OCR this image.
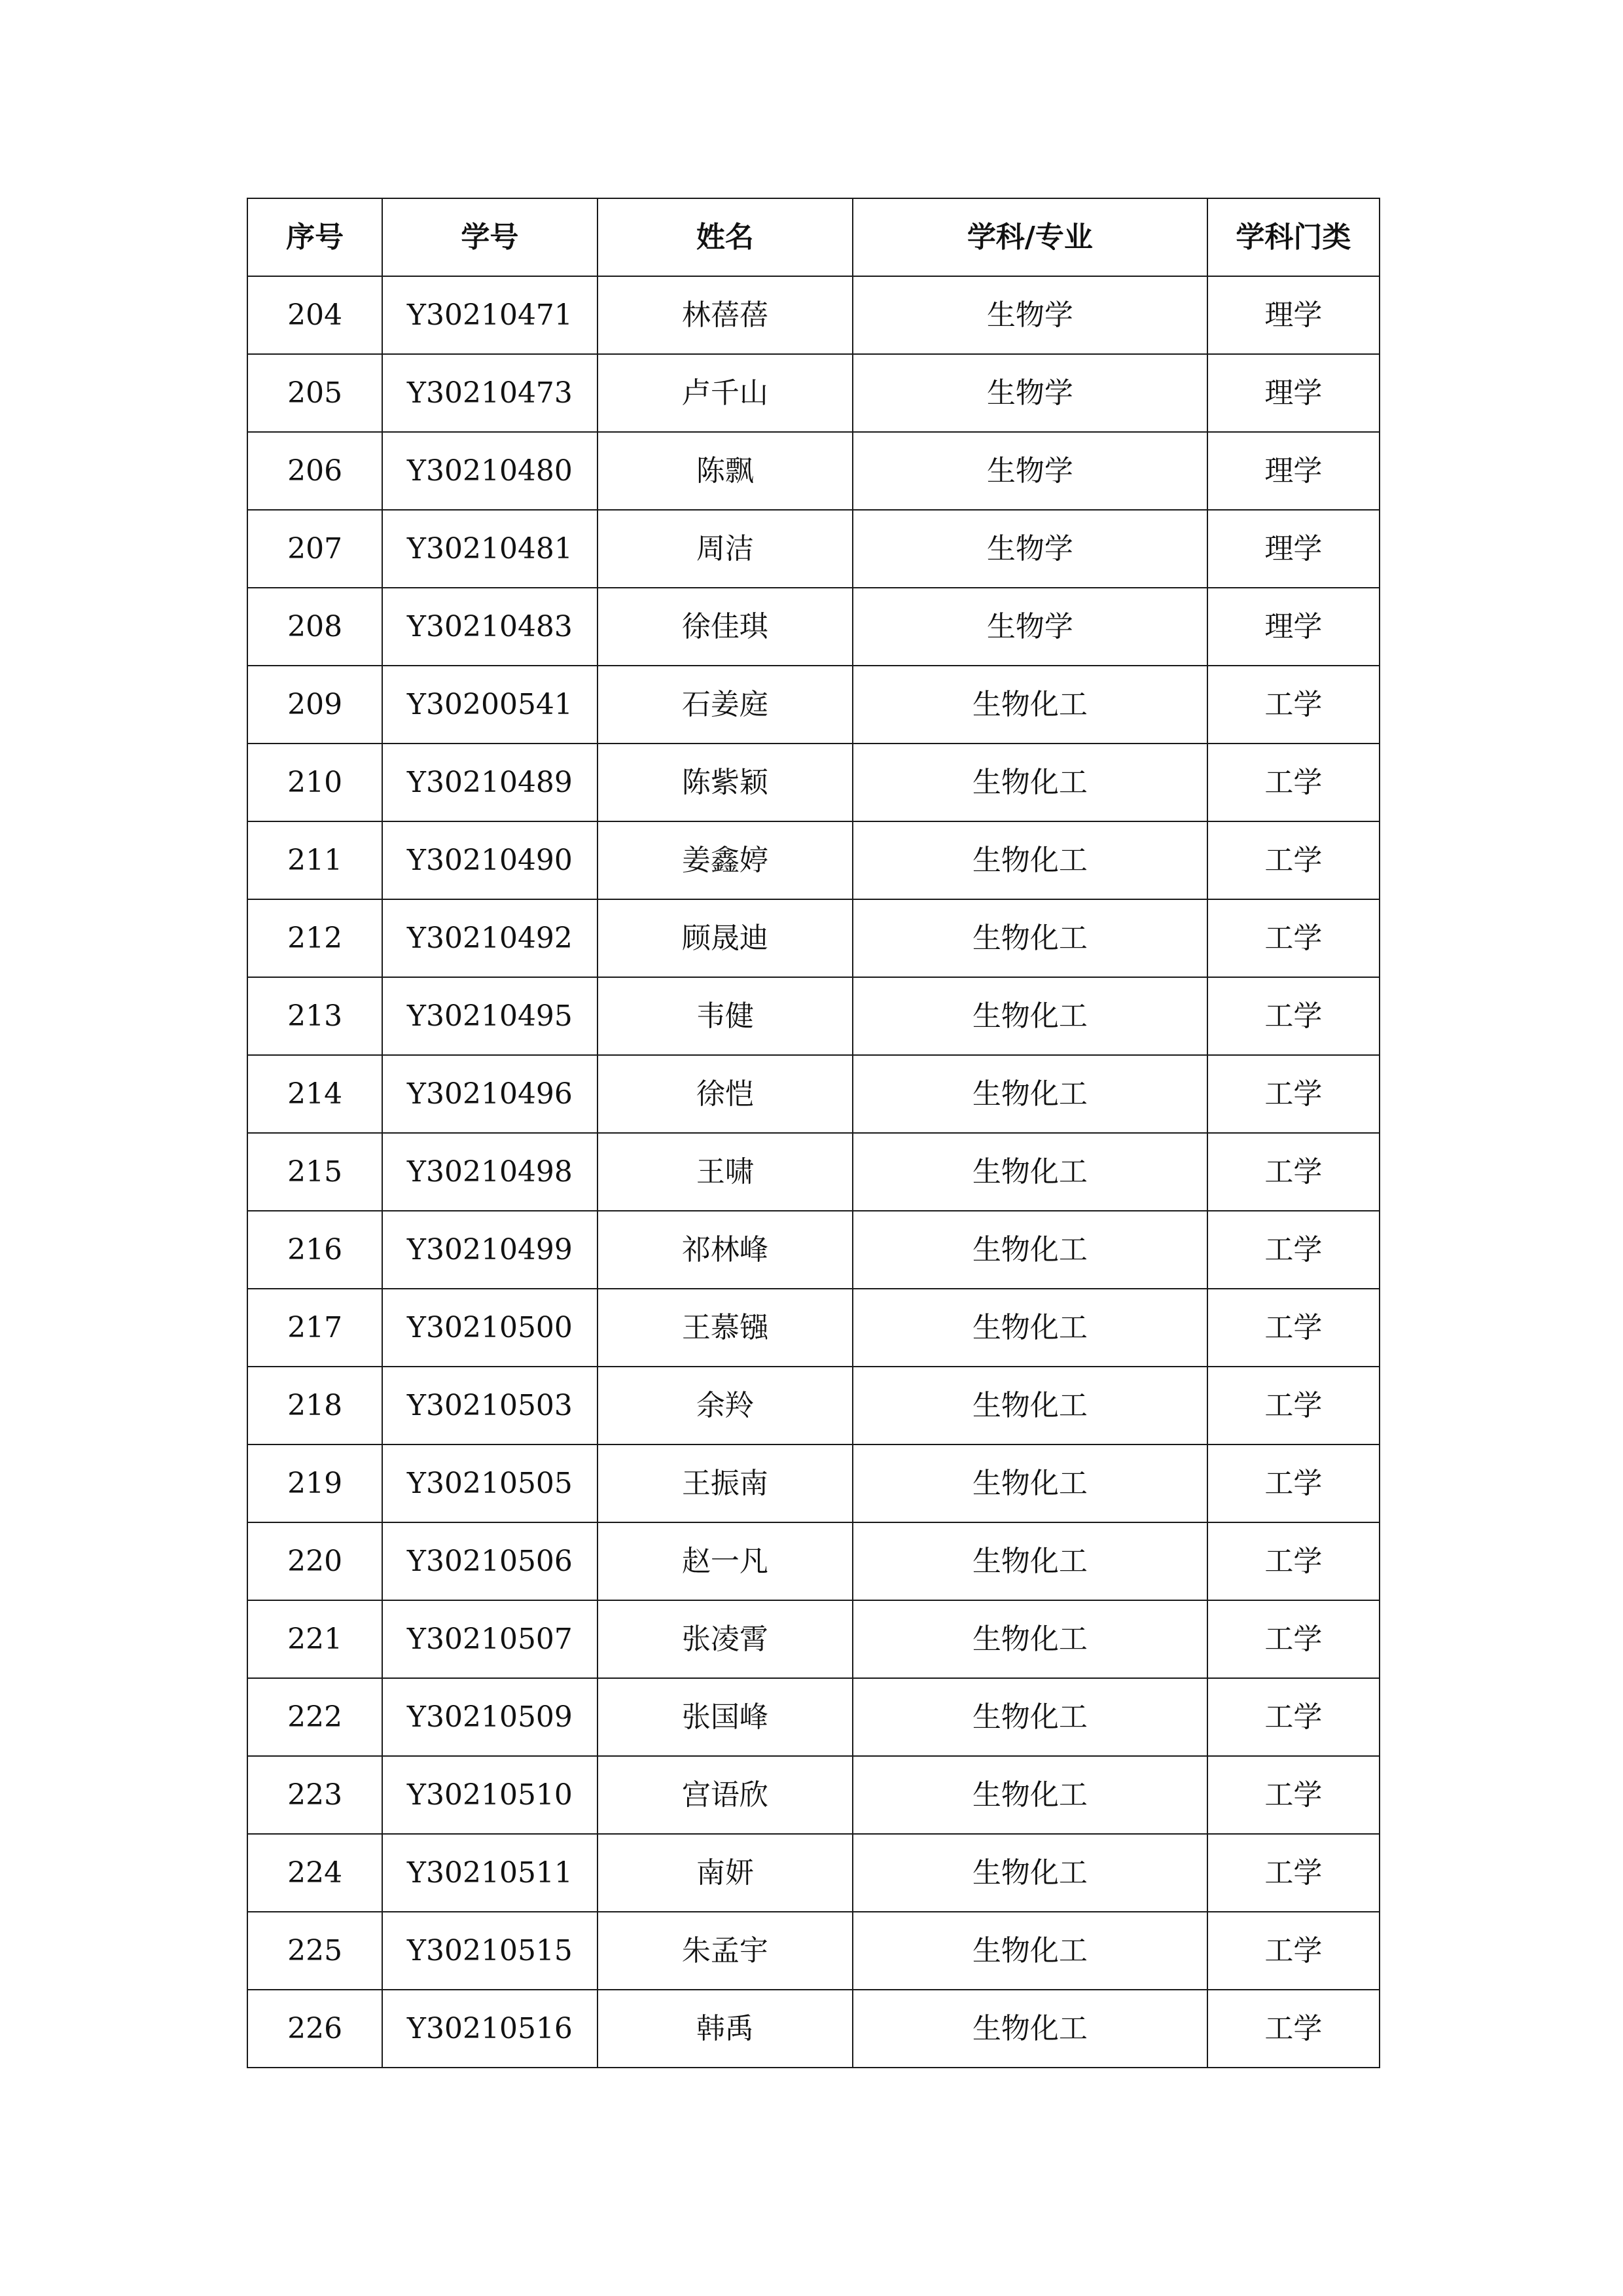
序号	学号	姓名	学科/专业	学科门类
204	Y30210471	林蓓蓓	生物学	理学
205	Y30210473	卢千山	生物学	理学
206	Y30210480	陈飘	生物学	理学
207	Y30210481	周洁	生物学	理学
208	Y30210483	徐佳琪	生物学	理学
209	Y30200541	石姜庭	生物化工	工学
210	Y30210489	陈紫颖	生物化工	工学
211	Y30210490	姜鑫婷	生物化工	工学
212	Y30210492	顾晟迪	生物化工	工学
213	Y30210495	韦健	生物化工	工学
214	Y30210496	徐恺	生物化工	工学
215	Y30210498	王啸	生物化工	工学
216	Y30210499	祁林峰	生物化工	工学
217	Y30210500	王慕镪	生物化工	工学
218	Y30210503	余羚	生物化工	工学
219	Y30210505	王振南	生物化工	工学
220	Y30210506	赵一凡	生物化工	工学
221	Y30210507	张凌霄	生物化工	工学
222	Y30210509	张国峰	生物化工	工学
223	Y30210510	宫语欣	生物化工	工学
224	Y30210511	南妍	生物化工	工学
225	Y30210515	朱孟宇	生物化工	工学
226	Y30210516	韩禹	生物化工	工学
